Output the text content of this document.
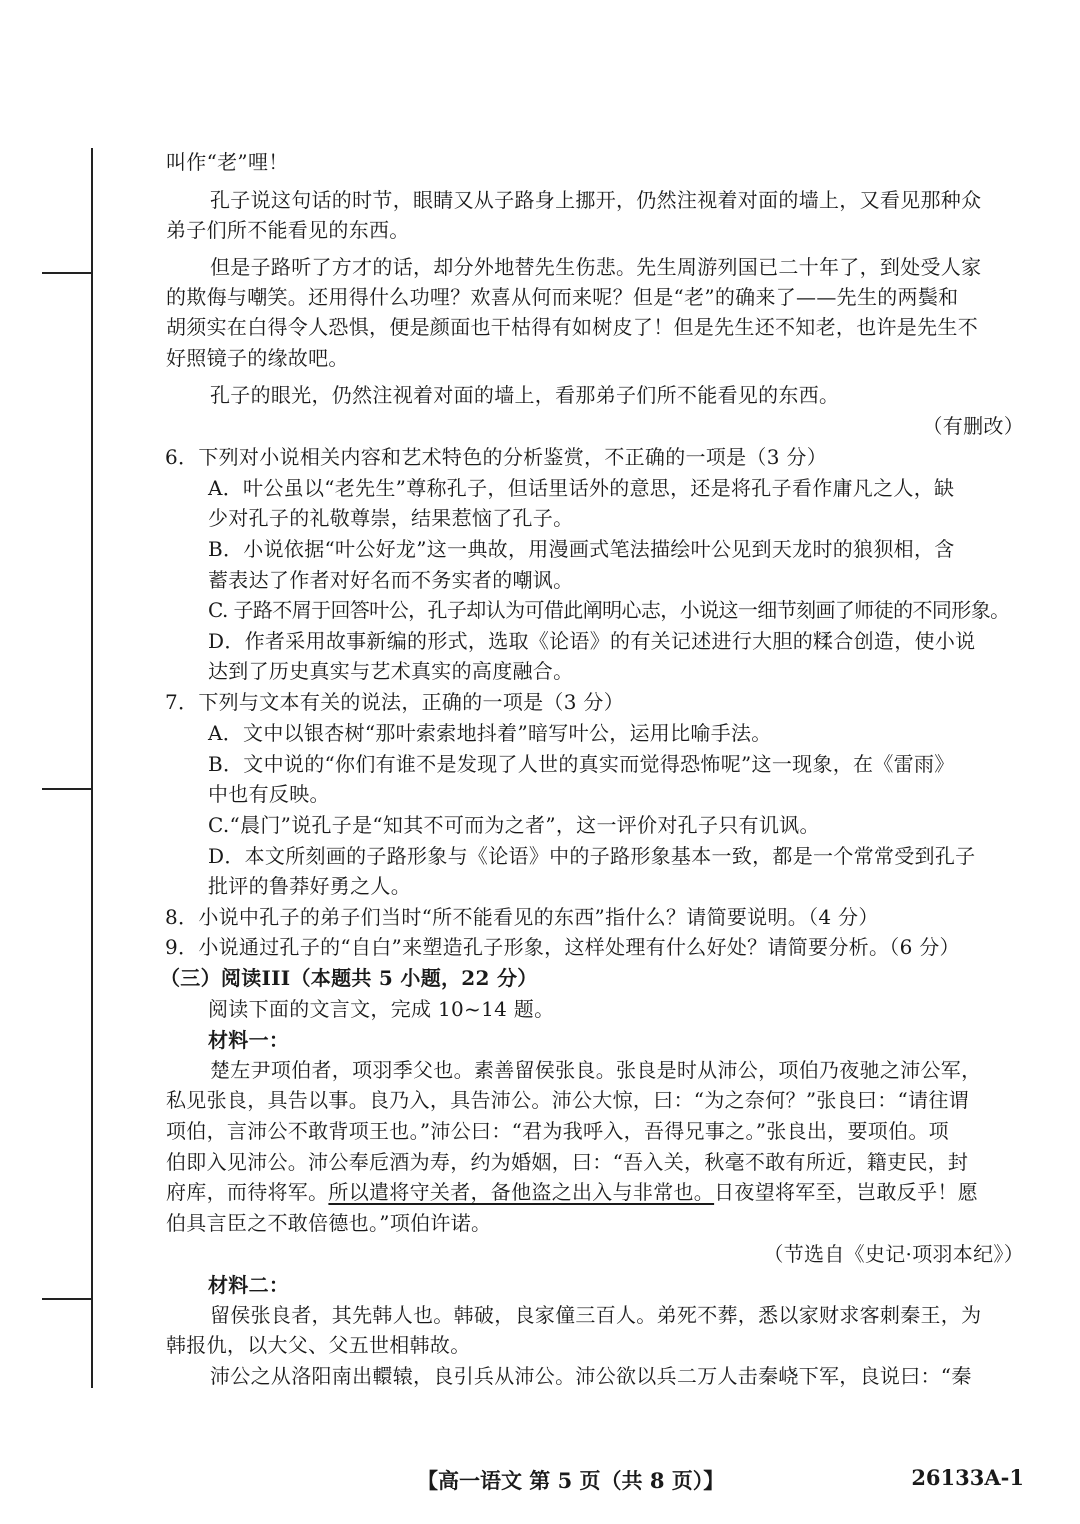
叫作“老”哩！
孔子说这句话的时节，眼睛又从子路身上挪开，仍然注视着对面的墙上，又看见那种众
弟子们所不能看见的东西。
但是子路听了方才的话，却分外地替先生伤悲。先生周游列国已二十年了，到处受人家
的欺侮与嘲笑。还用得什么功哩？欢喜从何而来呢？但是“老”的确来了——先生的两鬓和
胡须实在白得令人恐惧，便是颜面也干枯得有如树皮了！但是先生还不知老，也许是先生不
好照镜子的缘故吧。
孔子的眼光，仍然注视着对面的墙上，看那弟子们所不能看见的东西。
（有删改）
6．下列对小说相关内容和艺术特色的分析鉴赏，不正确的一项是（3 分）
A．叶公虽以“老先生”尊称孔子，但话里话外的意思，还是将孔子看作庸凡之人，缺
少对孔子的礼敬尊崇，结果惹恼了孔子。
B．小说依据“叶公好龙”这一典故，用漫画式笔法描绘叶公见到天龙时的狼狈相，含
蓄表达了作者对好名而不务实者的嘲讽。
C. 子路不屑于回答叶公，孔子却认为可借此阐明心志，小说这一细节刻画了师徒的不同形象。
D．作者采用故事新编的形式，选取《论语》的有关记述进行大胆的糅合创造，使小说
达到了历史真实与艺术真实的高度融合。
7．下列与文本有关的说法，正确的一项是（3 分）
A．文中以银杏树“那叶索索地抖着”暗写叶公，运用比喻手法。
B．文中说的“你们有谁不是发现了人世的真实而觉得恐怖呢”这一现象，在《雷雨》
中也有反映。
C.“晨门”说孔子是“知其不可而为之者”，这一评价对孔子只有讥讽。
D．本文所刻画的子路形象与《论语》中的子路形象基本一致，都是一个常常受到孔子
批评的鲁莽好勇之人。
8．小说中孔子的弟子们当时“所不能看见的东西”指什么？请简要说明。（4 分）
9．小说通过孔子的“自白”来塑造孔子形象，这样处理有什么好处？请简要分析。（6 分）
（三）阅读III（本题共 5 小题，22 分）
阅读下面的文言文，完成 10~14 题。
材料一：
楚左尹项伯者，项羽季父也。素善留侯张良。张良是时从沛公，项伯乃夜驰之沛公军，
私见张良，具告以事。良乃入，具告沛公。沛公大惊，曰：“为之奈何？”张良曰：“请往谓
项伯，言沛公不敢背项王也。”沛公曰：“君为我呼入，吾得兄事之。”张良出，要项伯。项
伯即入见沛公。沛公奉卮酒为寿，约为婚姻，曰：“吾入关，秋毫不敢有所近，籍吏民，封
府库，而待将军。所以遣将守关者，备他盗之出入与非常也。日夜望将军至，岂敢反乎！愿
伯具言臣之不敢倍德也。”项伯许诺。
（节选自《史记·项羽本纪》）
材料二：
留侯张良者，其先韩人也。韩破，良家僮三百人。弟死不葬，悉以家财求客刺秦王，为
韩报仇，以大父、父五世相韩故。
沛公之从洛阳南出轘辕，良引兵从沛公。沛公欲以兵二万人击秦峣下军，良说曰：“秦
【高一语文 第 5 页（共 8 页）】	26133A-1
